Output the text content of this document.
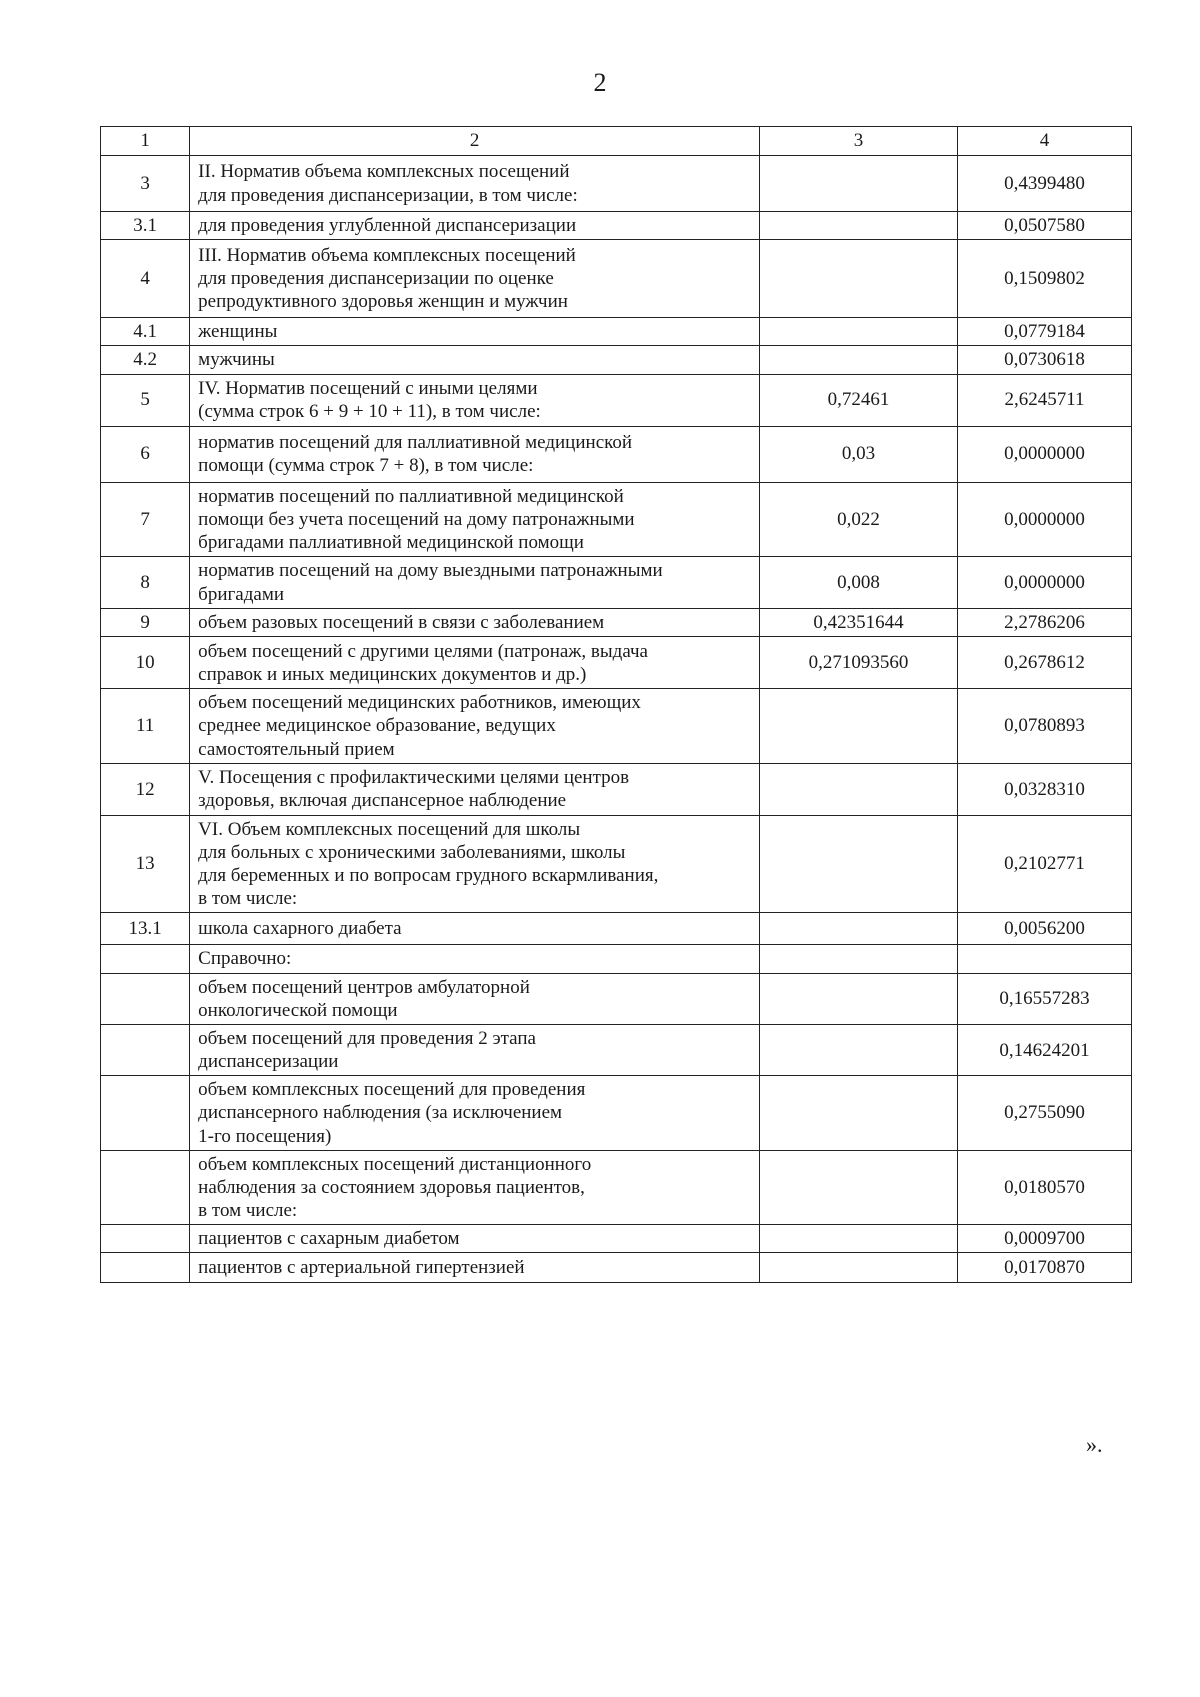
2
1	2	3	4
3	II. Норматив объема комплексных посещений
для проведения диспансеризации, в том числе:		0,4399480
3.1	для проведения углубленной диспансеризации		0,0507580
4	III. Норматив объема комплексных посещений
для проведения диспансеризации по оценке
репродуктивного здоровья женщин и мужчин		0,1509802
4.1	женщины		0,0779184
4.2	мужчины		0,0730618
5	IV. Норматив посещений с иными целями
(сумма строк 6 + 9 + 10 + 11), в том числе:	0,72461	2,6245711
6	норматив посещений для паллиативной медицинской
помощи (сумма строк 7 + 8), в том числе:	0,03	0,0000000
7	норматив посещений по паллиативной медицинской
помощи без учета посещений на дому патронажными
бригадами паллиативной медицинской помощи	0,022	0,0000000
8	норматив посещений на дому выездными патронажными
бригадами	0,008	0,0000000
9	объем разовых посещений в связи с заболеванием	0,42351644	2,2786206
10	объем посещений с другими целями (патронаж, выдача
справок и иных медицинских документов и др.)	0,271093560	0,2678612
11	объем посещений медицинских работников, имеющих
среднее медицинское образование, ведущих
самостоятельный прием		0,0780893
12	V. Посещения с профилактическими целями центров
здоровья, включая диспансерное наблюдение		0,0328310
13	VI. Объем комплексных посещений для школы
для больных с хроническими заболеваниями, школы
для беременных и по вопросам грудного вскармливания,
в том числе:		0,2102771
13.1	школа сахарного диабета		0,0056200
	Справочно:		
	объем посещений центров амбулаторной
онкологической помощи		0,16557283
	объем посещений для проведения 2 этапа
диспансеризации		0,14624201
	объем комплексных посещений для проведения
диспансерного наблюдения (за исключением
1-го посещения)		0,2755090
	объем комплексных посещений дистанционного
наблюдения за состоянием здоровья пациентов,
в том числе:		0,0180570
	пациентов с сахарным диабетом		0,0009700
	пациентов с артериальной гипертензией		0,0170870
».
